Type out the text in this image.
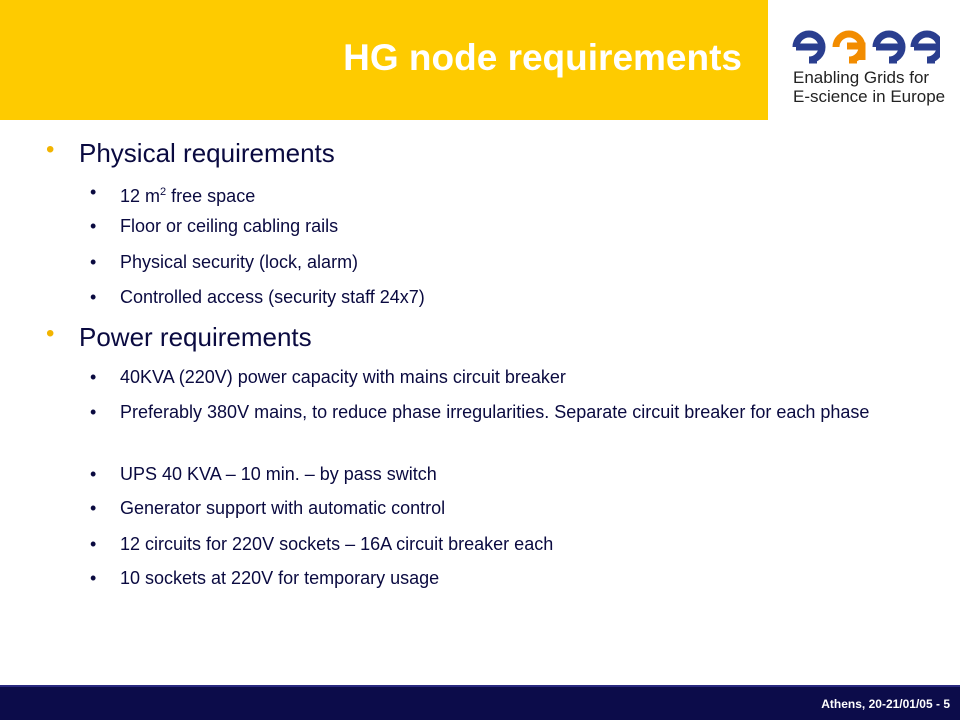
HG node requirements	Enabling Grids for
E-science in Europe
• Physical requirements
• 12 $m^2$ free space
• Floor or ceiling cabling rails
• Physical security (lock, alarm)
• Controlled access (security staff 24x7)
• Power requirements
• 40KVA (220V) power capacity with mains circuit breaker
• Preferably 380V mains, to reduce phase irregularities. Separate circuit breaker for each phase
• UPS 40 KVA – 10 min. – by pass switch
• Generator support with automatic control
• 12 circuits for 220V sockets – 16A circuit breaker each
• 10 sockets at 220V for temporary usage
Athens, 20-21/01/05 - 5
